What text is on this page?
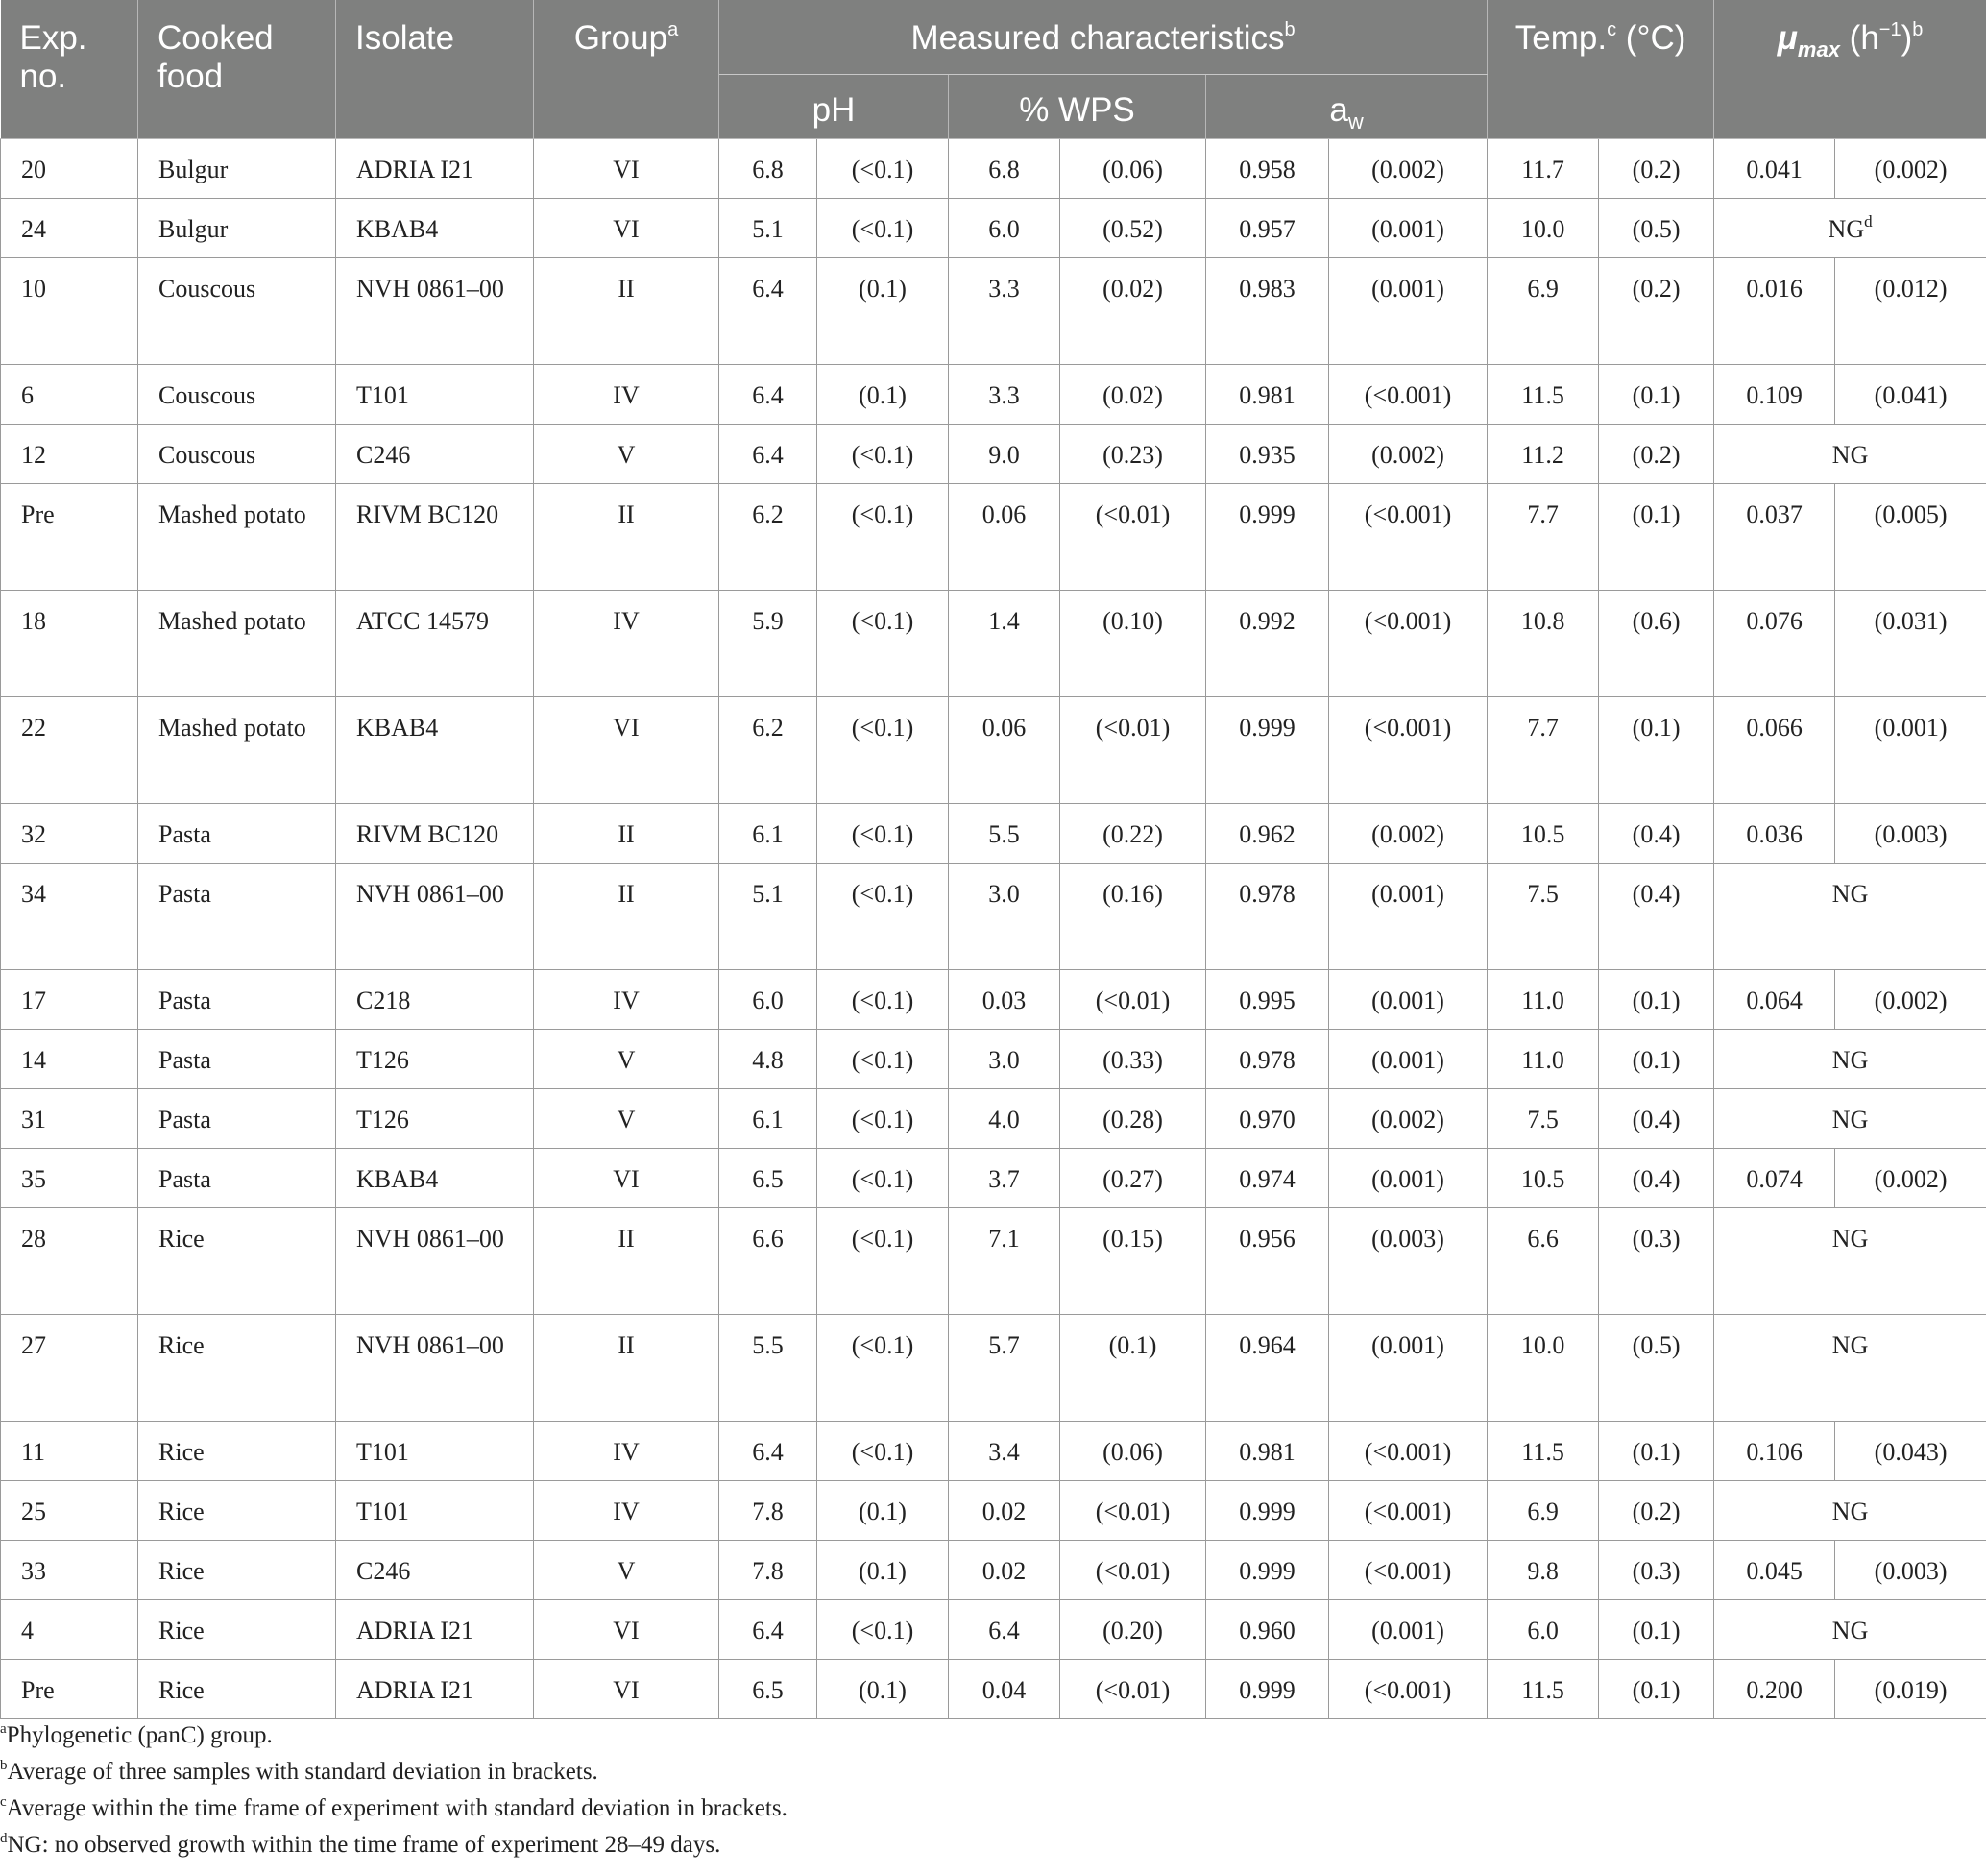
Exp. no.	Cooked food	Isolate	Group$^a$	Measured characteristics$^b$						Temp.$^c$ (°C)		$\mu_{max}$ $(h^{-1})^b$
				pH		% WPS		$a_w$
20	Bulgur	ADRIA I21	VI	6.8	(<0.1)	6.8	(0.06)	0.958	(0.002)	11.7	(0.2)	0.041	(0.002)
24	Bulgur	KBAB4	VI	5.1	(<0.1)	6.0	(0.52)	0.957	(0.001)	10.0	(0.5)	$NG^d$
10	Couscous	NVH 0861–00	II	6.4	(0.1)	3.3	(0.02)	0.983	(0.001)	6.9	(0.2)	0.016	(0.012)
6	Couscous	T101	IV	6.4	(0.1)	3.3	(0.02)	0.981	(<0.001)	11.5	(0.1)	0.109	(0.041)
12	Couscous	C246	V	6.4	(<0.1)	9.0	(0.23)	0.935	(0.002)	11.2	(0.2)	NG	
Pre	Mashed potato	RIVM BC120	II	6.2	(<0.1)	0.06	(<0.01)	0.999	(<0.001)	7.7	(0.1)	0.037	(0.005)
18	Mashed potato	ATCC 14579	IV	5.9	(<0.1)	1.4	(0.10)	0.992	(<0.001)	10.8	(0.6)	0.076	(0.031)
22	Mashed potato	KBAB4	VI	6.2	(<0.1)	0.06	(<0.01)	0.999	(<0.001)	7.7	(0.1)	0.066	(0.001)
32	Pasta	RIVM BC120	II	6.1	(<0.1)	5.5	(0.22)	0.962	(0.002)	10.5	(0.4)	0.036	(0.003)
34	Pasta	NVH 0861–00	II	5.1	(<0.1)	3.0	(0.16)	0.978	(0.001)	7.5	(0.4)	NG	
17	Pasta	C218	IV	6.0	(<0.1)	0.03	(<0.01)	0.995	(0.001)	11.0	(0.1)	0.064	(0.002)
14	Pasta	T126	V	4.8	(<0.1)	3.0	(0.33)	0.978	(0.001)	11.0	(0.1)	NG	
31	Pasta	T126	V	6.1	(<0.1)	4.0	(0.28)	0.970	(0.002)	7.5	(0.4)	NG	
35	Pasta	KBAB4	VI	6.5	(<0.1)	3.7	(0.27)	0.974	(0.001)	10.5	(0.4)	0.074	(0.002)
28	Rice	NVH 0861–00	II	6.6	(<0.1)	7.1	(0.15)	0.956	(0.003)	6.6	(0.3)	NG	
27	Rice	NVH 0861–00	II	5.5	(<0.1)	5.7	(0.1)	0.964	(0.001)	10.0	(0.5)	NG	
11	Rice	T101	IV	6.4	(<0.1)	3.4	(0.06)	0.981	(<0.001)	11.5	(0.1)	0.106	(0.043)
25	Rice	T101	IV	7.8	(0.1)	0.02	(<0.01)	0.999	(<0.001)	6.9	(0.2)	NG	
33	Rice	C246	V	7.8	(0.1)	0.02	(<0.01)	0.999	(<0.001)	9.8	(0.3)	0.045	(0.003)
4	Rice	ADRIA I21	VI	6.4	(<0.1)	6.4	(0.20)	0.960	(0.001)	6.0	(0.1)	NG	
Pre	Rice	ADRIA I21	VI	6.5	(0.1)	0.04	(<0.01)	0.999	(<0.001)	11.5	(0.1)	0.200	(0.019)
$^a$Phylogenetic (panC) group.
$^b$Average of three samples with standard deviation in brackets.
$^c$Average within the time frame of experiment with standard deviation in brackets.
$^d$NG: no observed growth within the time frame of experiment 28–49 days.
